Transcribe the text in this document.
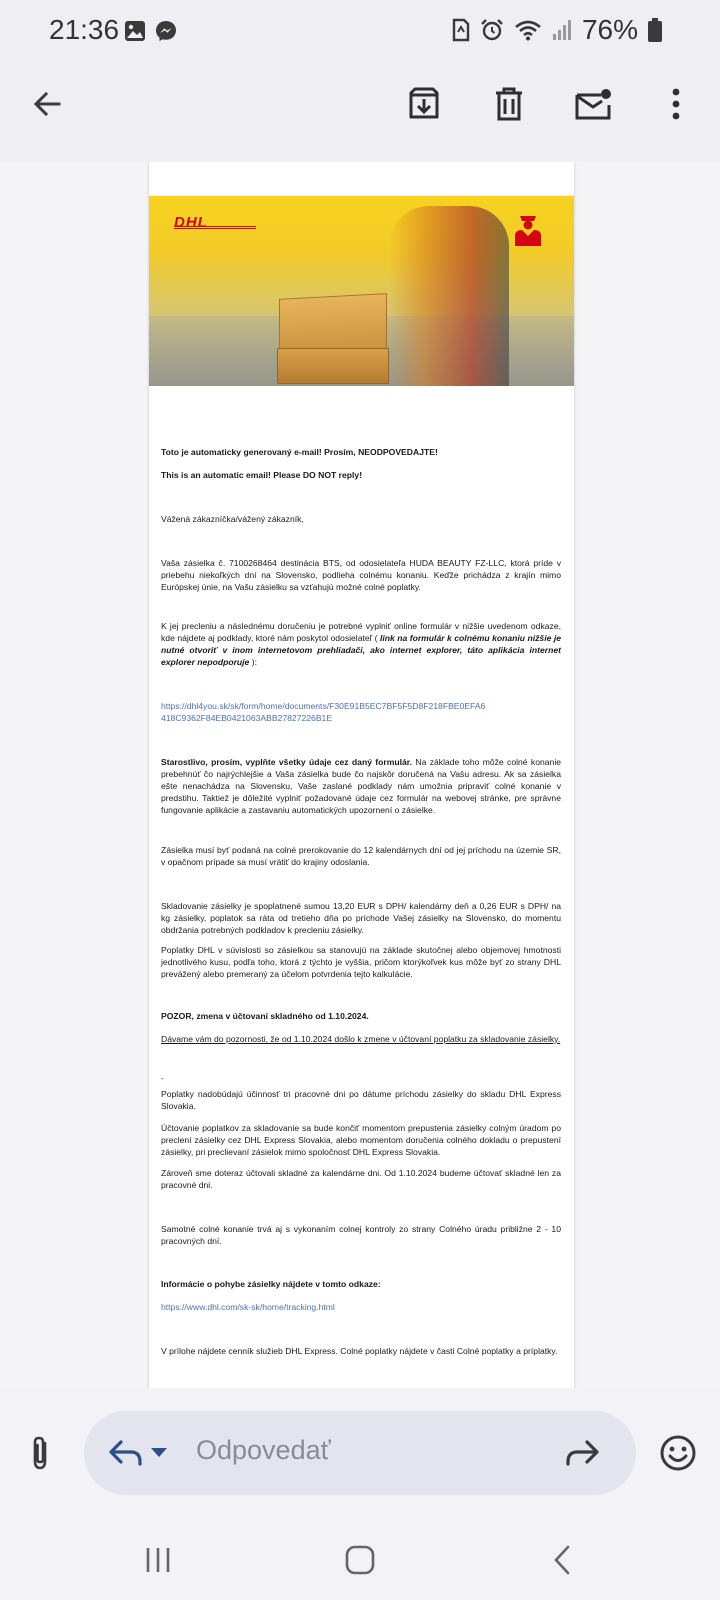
21:36	76%
DHL

Toto je automaticky generovaný e-mail! Prosím, NEODPOVEDAJTE!

This is an automatic email! Please DO NOT reply!

Vážená zákazníčka/vážený zákazník,

Vaša zásielka č. 7100268464 destinácia BTS, od odosielateľa HUDA BEAUTY FZ-LLC, ktorá príde v priebehu niekoľkých dní na Slovensko, podlieha colnému konaniu. Keďže prichádza z krajín mimo Európskej únie, na Vašu zásielku sa vzťahujú možné colné poplatky.

K jej precleniu a následnému doručeniu je potrebné vyplniť online formulár v nižšie uvedenom odkaze, kde nájdete aj podklady, ktoré nám poskytol odosielateľ ( link na formulár k colnému konaniu nižšie je nutné otvoriť v inom internetovom prehliadači, ako internet explorer, táto aplikácia internet explorer nepodporuje ):

https://dhl4you.sk/sk/form/home/documents/F30E91B5EC7BF5F5D8F218FBE0EFA6
418C9362F84EB0421063ABB27827226B1E

Starostlivo, prosím, vyplňte všetky údaje cez daný formulár. Na základe toho môže colné konanie prebehnúť čo najrýchlejšie a Vaša zásielka bude čo najskôr doručená na Vašu adresu. Ak sa zásielka ešte nenachádza na Slovensku, Vaše zaslané podklady nám umožnia pripraviť colné konanie v predstihu. Taktiež je dôležité vyplniť požadované údaje cez formulár na webovej stránke, pre správne fungovanie aplikácie a zastavaniu automatických upozornení o zásielke.

Zásielka musí byť podaná na colné prerokovanie do 12 kalendárnych dní od jej príchodu na územie SR, v opačnom prípade sa musí vrátiť do krajiny odoslania.

Skladovanie zásielky je spoplatnené sumou 13,20 EUR s DPH/ kalendárny deň a 0,26 EUR s DPH/ na kg zásielky, poplatok sa ráta od tretieho dňa po príchode Vašej zásielky na Slovensko, do momentu obdržania potrebných podkladov k precleniu zásielky.

Poplatky DHL v súvislosti so zásielkou sa stanovujú na základe skutočnej alebo objemovej hmotnosti jednotlivého kusu, podľa toho, ktorá z týchto je vyššia, pričom ktorýkoľvek kus môže byť zo strany DHL prevážený alebo premeraný za účelom potvrdenia tejto kalkulácie.

POZOR, zmena v účtovaní skladného od 1.10.2024.

Dávame vám do pozornosti, že od 1.10.2024 došlo k zmene v účtovaní poplatku za skladovanie zásielky.

-

Poplatky nadobúdajú účinnosť tri pracovné dni po dátume príchodu zásielky do skladu DHL Express Slovakia.

Účtovanie poplatkov za skladovanie sa bude končiť momentom prepustenia zásielky colným úradom po preclení zásielky cez DHL Express Slovakia, alebo momentom doručenia colného dokladu o prepustení zásielky, pri preclievaní zásielok mimo spoločnosť DHL Express Slovakia.

Zároveň sme doteraz účtovali skladné za kalendárne dni. Od 1.10.2024 budeme účtovať skladné len za pracovné dni.

Samotné colné konanie trvá aj s vykonaním colnej kontroly zo strany Colného úradu približne 2 - 10 pracovných dní.

Informácie o pohybe zásielky nájdete v tomto odkaze:

https://www.dhl.com/sk-sk/home/tracking.html

V prílohe nájdete cenník služieb DHL Express. Colné poplatky nájdete v časti Colné poplatky a príplatky.

Odpovedať
